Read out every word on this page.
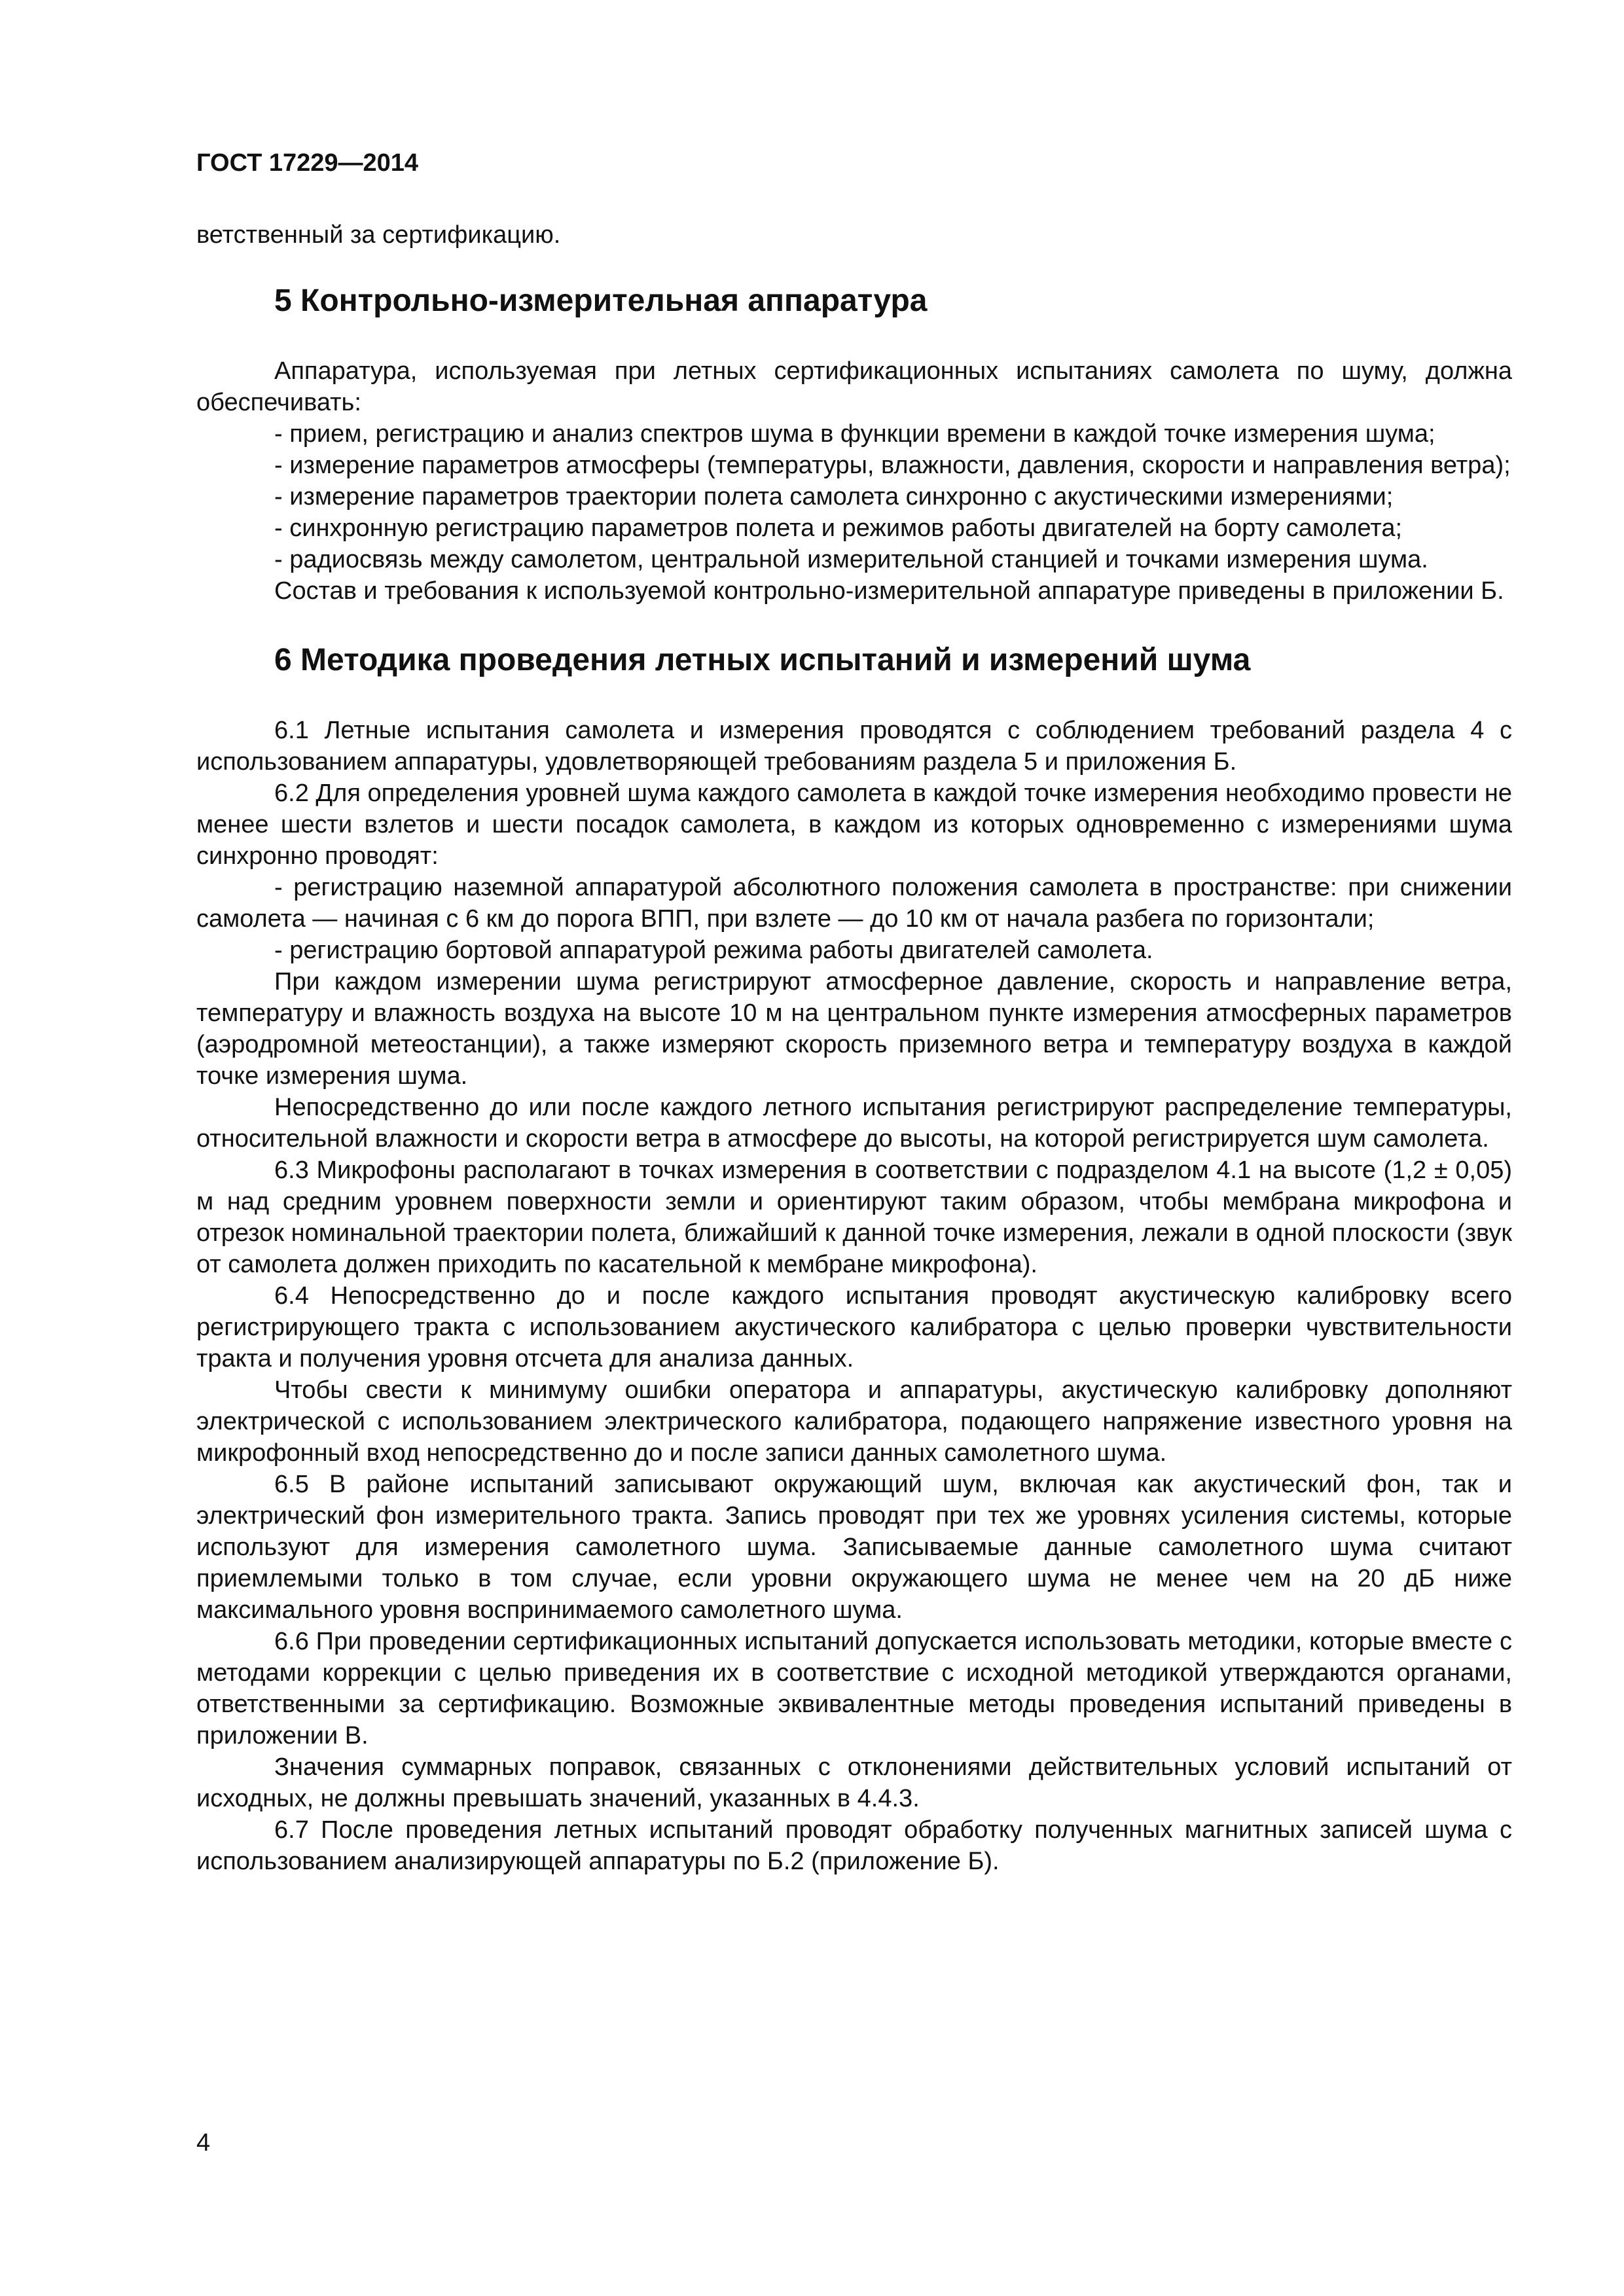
ГОСТ 17229—2014

ветственный за сертификацию.

5 Контрольно-измерительная аппаратура

Аппаратура, используемая при летных сертификационных испытаниях самолета по шуму, должна обеспечивать:

- прием, регистрацию и анализ спектров шума в функции времени в каждой точке измерения шума;

- измерение параметров атмосферы (температуры, влажности, давления, скорости и направления ветра);

- измерение параметров траектории полета самолета синхронно с акустическими измерениями;

- синхронную регистрацию параметров полета и режимов работы двигателей на борту самолета;

- радиосвязь между самолетом, центральной измерительной станцией и точками измерения шума.

Состав и требования к используемой контрольно-измерительной аппаратуре приведены в приложении Б.

6 Методика проведения летных испытаний и измерений шума

6.1 Летные испытания самолета и измерения проводятся с соблюдением требований раздела 4 с использованием аппаратуры, удовлетворяющей требованиям раздела 5 и приложения Б.

6.2 Для определения уровней шума каждого самолета в каждой точке измерения необходимо провести не менее шести взлетов и шести посадок самолета, в каждом из которых одновременно с измерениями шума синхронно проводят:

- регистрацию наземной аппаратурой абсолютного положения самолета в пространстве: при снижении самолета — начиная с 6 км до порога ВПП, при взлете — до 10 км от начала разбега по горизонтали;

- регистрацию бортовой аппаратурой режима работы двигателей самолета.

При каждом измерении шума регистрируют атмосферное давление, скорость и направление ветра, температуру и влажность воздуха на высоте 10 м на центральном пункте измерения атмосферных параметров (аэродромной метеостанции), а также измеряют скорость приземного ветра и температуру воздуха в каждой точке измерения шума.

Непосредственно до или после каждого летного испытания регистрируют распределение температуры, относительной влажности и скорости ветра в атмосфере до высоты, на которой регистрируется шум самолета.

6.3 Микрофоны располагают в точках измерения в соответствии с подразделом 4.1 на высоте (1,2 ± 0,05) м над средним уровнем поверхности земли и ориентируют таким образом, чтобы мембрана микрофона и отрезок номинальной траектории полета, ближайший к данной точке измерения, лежали в одной плоскости (звук от самолета должен приходить по касательной к мембране микрофона).

6.4 Непосредственно до и после каждого испытания проводят акустическую калибровку всего регистрирующего тракта с использованием акустического калибратора с целью проверки чувствительности тракта и получения уровня отсчета для анализа данных.

Чтобы свести к минимуму ошибки оператора и аппаратуры, акустическую калибровку дополняют электрической с использованием электрического калибратора, подающего напряжение известного уровня на микрофонный вход непосредственно до и после записи данных самолетного шума.

6.5 В районе испытаний записывают окружающий шум, включая как акустический фон, так и электрический фон измерительного тракта. Запись проводят при тех же уровнях усиления системы, которые используют для измерения самолетного шума. Записываемые данные самолетного шума считают приемлемыми только в том случае, если уровни окружающего шума не менее чем на 20 дБ ниже максимального уровня воспринимаемого самолетного шума.

6.6 При проведении сертификационных испытаний допускается использовать методики, которые вместе с методами коррекции с целью приведения их в соответствие с исходной методикой утверждаются органами, ответственными за сертификацию. Возможные эквивалентные методы проведения испытаний приведены в приложении В.

Значения суммарных поправок, связанных с отклонениями действительных условий испытаний от исходных, не должны превышать значений, указанных в 4.4.3.

6.7 После проведения летных испытаний проводят обработку полученных магнитных записей шума с использованием анализирующей аппаратуры по Б.2 (приложение Б).

4
